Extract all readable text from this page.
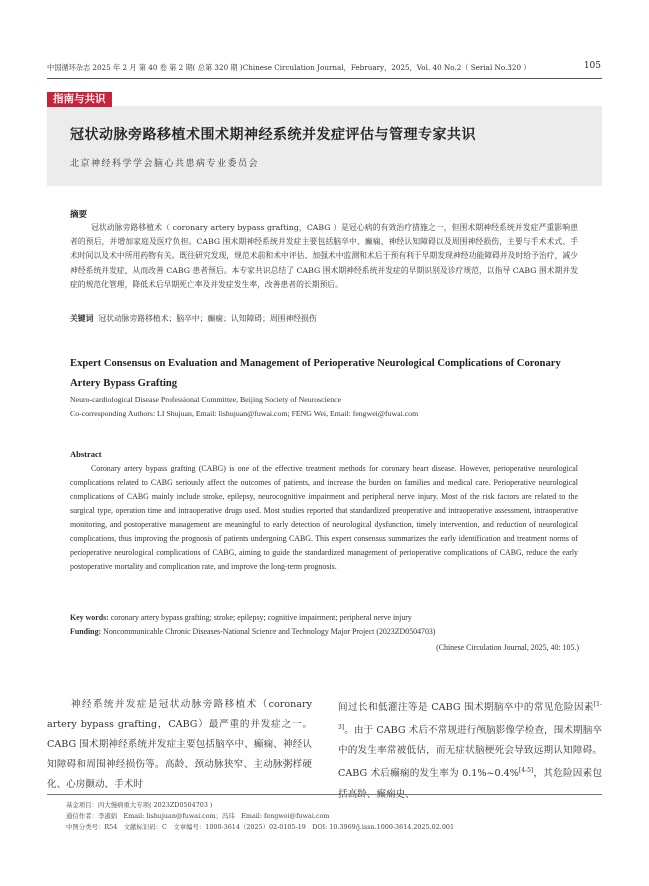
中国循环杂志 2025 年 2 月 第 40 卷 第 2 期( 总第 320 期 )Chinese Circulation Journal，February，2025，Vol. 40 No.2（ Serial No.320 ）	105
指南与共识
冠状动脉旁路移植术围术期神经系统并发症评估与管理专家共识
北京神经科学学会脑心共患病专业委员会
摘要
冠状动脉旁路移植术（ coronary artery bypass grafting，CABG ）是冠心病的有效治疗措施之一，但围术期神经系统并发症严重影响患者的预后，并增加家庭及医疗负担。CABG 围术期神经系统并发症主要包括脑卒中、癫痫、神经认知障碍以及周围神经损伤，主要与手术术式、手术时间以及术中所用药物有关。既往研究发现，规范术前和术中评估、加强术中监测和术后于预有利于早期发现神经功能障碍并及时给予治疗，减少神经系统并发症，从而改善 CABG 患者预后。本专家共识总结了 CABG 围术期神经系统并发症的早期识别及诊疗规范，以指导 CABG 围术期并发症的规范化管理，降低术后早期死亡率及并发症发生率，改善患者的长期预后。
关键词 冠状动脉旁路移植术；脑卒中；癫痫；认知障碍；周围神经损伤
Expert Consensus on Evaluation and Management of Perioperative Neurological Complications of Coronary Artery Bypass Grafting
Neuro-cardiological Disease Professional Committee, Beijing Society of Neuroscience
Co-corresponding Authors: LI Shujuan, Email: lishujuan@fuwai.com; FENG Wei, Email: fengwei@fuwai.com
Abstract
Coronary artery bypass grafting (CABG) is one of the effective treatment methods for coronary heart disease. However, perioperative neurological complications related to CABG seriously affect the outcomes of patients, and increase the burden on families and medical care. Perioperative neurological complications of CABG mainly include stroke, epilepsy, neurocognitive impairment and peripheral nerve injury. Most of the risk factors are related to the surgical type, operation time and intraoperative drugs used. Most studies reported that standardized preoperative and intraoperative assessment, intraoperative monitoring, and postoperative management are meaningful to early detection of neurological dysfunction, timely intervention, and reduction of neurological complications, thus improving the prognosis of patients undergoing CABG. This expert consensus summarizes the early identification and treatment norms of perioperative neurological complications of CABG, aiming to guide the standardized management of perioperative complications of CABG, reduce the early postoperative mortality and complication rate, and improve the long-term prognosis.
Key words: coronary artery bypass grafting; stroke; epilepsy; cognitive impairment; peripheral nerve injury
Funding: Noncommunicable Chronic Diseases-National Science and Technology Major Project (2023ZD0504703)
(Chinese Circulation Journal, 2025, 40: 105.)
神经系统并发症是冠状动脉旁路移植术（coronary artery bypass grafting，CABG）最严重的并发症之一。CABG 围术期神经系统并发症主要包括脑卒中、癫痫、神经认知障碍和周围神经损伤等。高龄、颈动脉狭窄、主动脉粥样硬化、心房颤动、手术时
间过长和低灌注等是 CABG 围术期脑卒中的常见危险因素[1-3]。由于 CABG 术后不常规进行颅脑影像学检查，围术期脑卒中的发生率常被低估，而无症状脑梗死会导致远期认知障碍。CABG 术后癫痫的发生率为 0.1%~0.4%[4-5]，其危险因素包括高龄、癫痫史、
基金项目：四大慢病重大专项( 2023ZD0504703 )
通信作者：李淑娟　Email: lishujuan@fuwai.com；冯玮　Email: fengwei@fuwai.com
中图分类号：R54　文献标识码：C　文章编号：1000-3614（2025）02-0105-19　DOI: 10.3969/j.issn.1000-3614.2025.02.001
